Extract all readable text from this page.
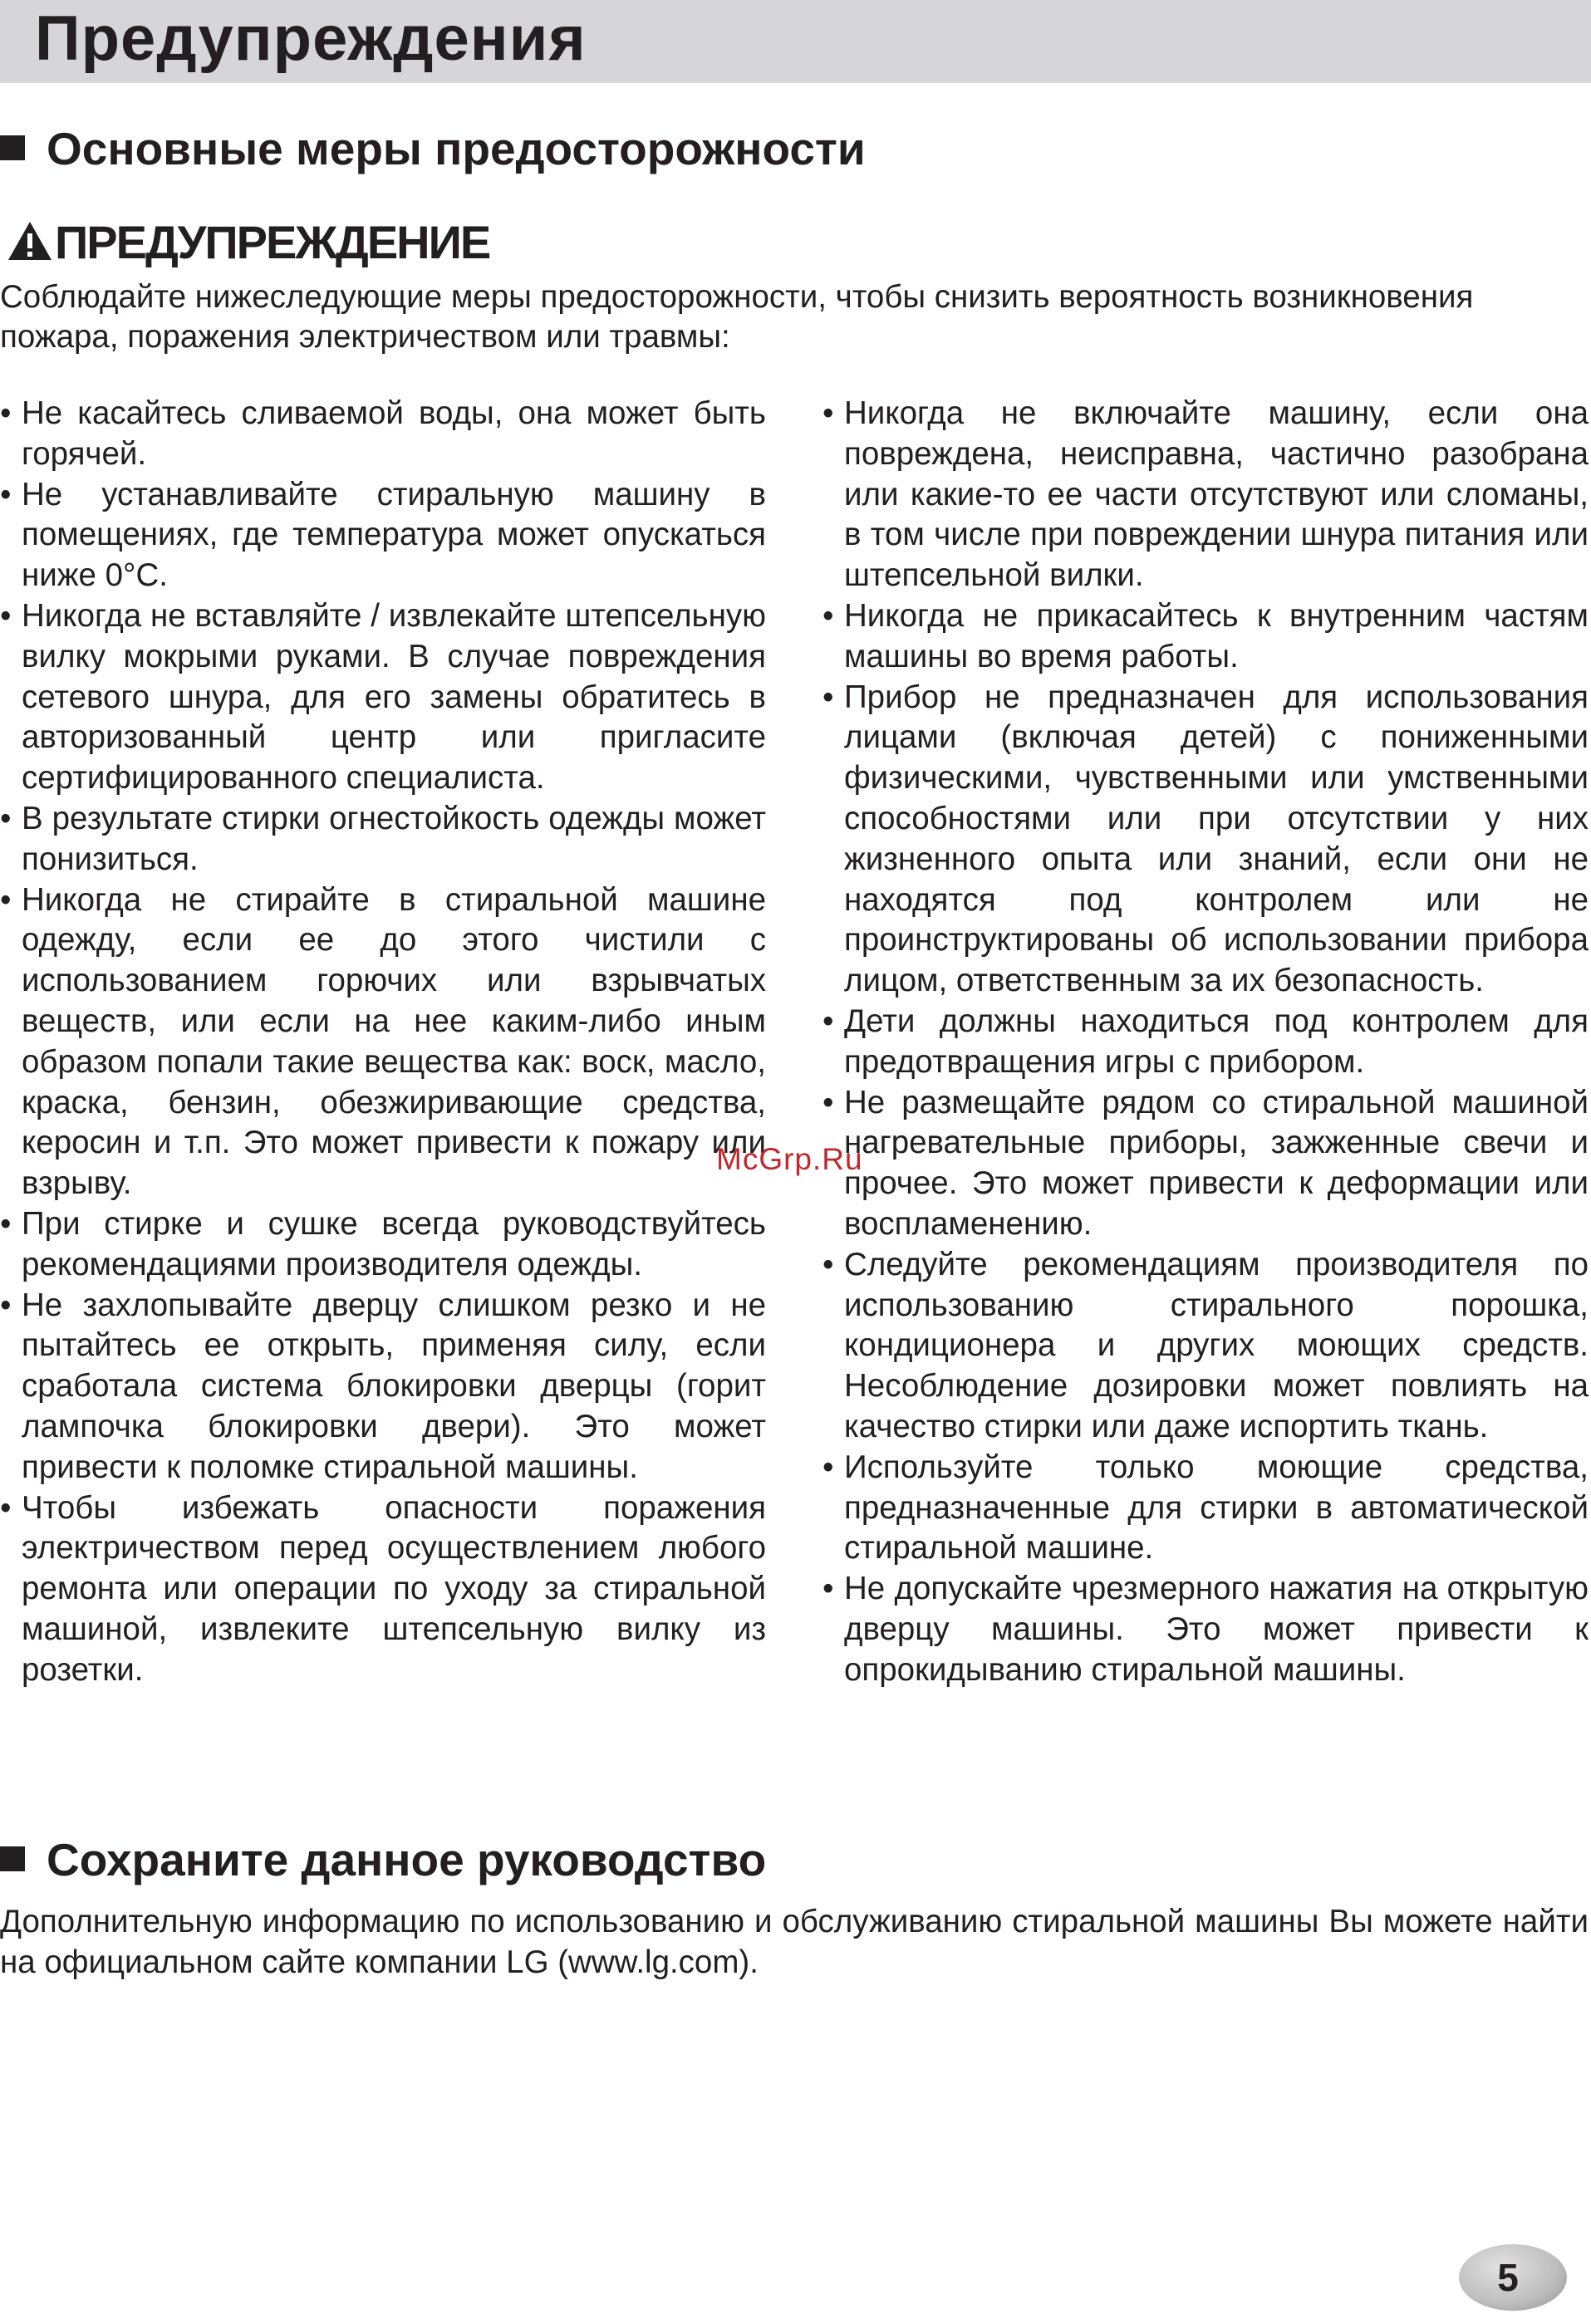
Предупреждения
Основные меры предосторожности
ПРЕДУПРЕЖДЕНИЕ

Соблюдайте нижеследующие меры предосторожности, чтобы снизить вероятность возникновения пожара, поражения электричеством или травмы:

• Не касайтесь сливаемой воды, она может быть горячей.
• Не устанавливайте стиральную машину в помещениях, где температура может опускаться ниже 0°C.
• Никогда не вставляйте / извлекайте штепсельную вилку мокрыми руками. В случае повреждения сетевого шнура, для его замены обратитесь в авторизованный центр или пригласите сертифицированного специалиста.
• В результате стирки огнестойкость одежды может понизиться.
• Никогда не стирайте в стиральной машине одежду, если ее до этого чистили с использованием горючих или взрывчатых веществ, или если на нее каким-либо иным образом попали такие вещества как: воск, масло, краска, бензин, обезжиривающие средства, керосин и т.п. Это может привести к пожару или взрыву.
• При стирке и сушке всегда руководствуйтесь рекомендациями производителя одежды.
• Не захлопывайте дверцу слишком резко и не пытайтесь ее открыть, применяя силу, если сработала система блокировки дверцы (горит лампочка блокировки двери). Это может привести к поломке стиральной машины.
• Чтобы избежать опасности поражения электричеством перед осуществлением любого ремонта или операции по уходу за стиральной машиной, извлеките штепсельную вилку из розетки.
• Никогда не включайте машину, если она повреждена, неисправна, частично разобрана или какие-то ее части отсутствуют или сломаны, в том числе при повреждении шнура питания или штепсельной вилки.
• Никогда не прикасайтесь к внутренним частям машины во время работы.
• Прибор не предназначен для использования лицами (включая детей) с пониженными физическими, чувственными или умственными способностями или при отсутствии у них жизненного опыта или знаний, если они не находятся под контролем или не проинструктированы об использовании прибора лицом, ответственным за их безопасность.
• Дети должны находиться под контролем для предотвращения игры с прибором.
• Не размещайте рядом со стиральной машиной нагревательные приборы, зажженные свечи и прочее. Это может привести к деформации или воспламенению.
• Следуйте рекомендациям производителя по использованию стирального порошка, кондиционера и других моющих средств. Несоблюдение дозировки может повлиять на качество стирки или даже испортить ткань.
• Используйте только моющие средства, предназначенные для стирки в автоматической стиральной машине.
• Не допускайте чрезмерного нажатия на открытую дверцу машины. Это может привести к опрокидыванию стиральной машины.
McGrp.Ru
Сохраните данное руководство

Дополнительную информацию по использованию и обслуживанию стиральной машины Вы можете найти на официальном сайте компании LG (www.lg.com).

5
